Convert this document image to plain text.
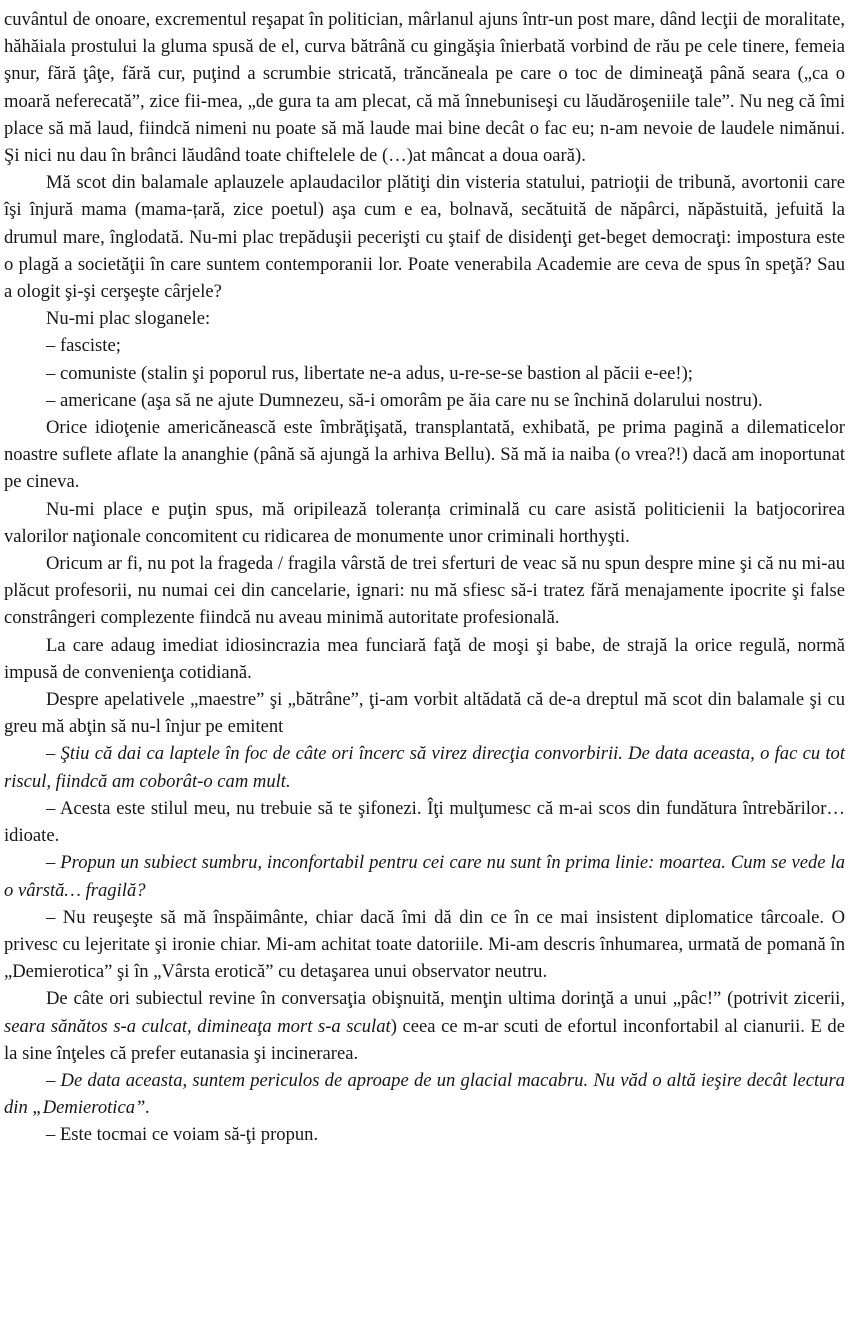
cuvântul de onoare, excrementul reşapat în politician, mârlanul ajuns într-un post mare, dând lecţii de moralitate, hăhăiala prostului la gluma spusă de el, curva bătrână cu gingăşia înierbată vorbind de rău pe cele tinere, femeia şnur, fără ţâţe, fără cur, puţind a scrumbie stricată, trăncăneala pe care o toc de dimineaţă până seara („ca o moară neferecată”, zice fii-mea, „de gura ta am plecat, că mă înnebuniseşi cu lăudăroşeniile tale”. Nu neg că îmi place să mă laud, fiindcă nimeni nu poate să mă laude mai bine decât o fac eu; n-am nevoie de laudele nimănui. Şi nici nu dau în brânci lăudând toate chiftelele de (…)at mâncat a doua oară).

Mă scot din balamale aplauzele aplaudacilor plătiţi din visteria statului, patrioţii de tribună, avortonii care îşi înjură mama (mama-țară, zice poetul) aşa cum e ea, bolnavă, secătuită de năpârci, năpăstuită, jefuită la drumul mare, înglodată. Nu-mi plac trepăduşii pecerişti cu ştaif de disidenţi get-beget democraţi: impostura este o plagă a societăţii în care suntem contemporanii lor. Poate venerabila Academie are ceva de spus în speţă? Sau a ologit şi-şi cerşeşte cârjele?

Nu-mi plac sloganele:

– fasciste;

– comuniste (stalin şi poporul rus, libertate ne-a adus, u-re-se-se bastion al păcii e-ee!);

– americane (aşa să ne ajute Dumnezeu, să-i omorâm pe ăia care nu se închină dolarului nostru).

Orice idioţenie americănească este îmbrăţişată, transplantată, exhibată, pe prima pagină a dilematicelor noastre suflete aflate la ananghie (până să ajungă la arhiva Bellu). Să mă ia naiba (o vrea?!) dacă am inoportunat pe cineva.

Nu-mi place e puţin spus, mă oripilează toleranța criminală cu care asistă politicienii la batjocorirea valorilor naţionale concomitent cu ridicarea de monumente unor criminali horthyşti.

Oricum ar fi, nu pot la frageda / fragila vârstă de trei sferturi de veac să nu spun despre mine şi că nu mi-au plăcut profesorii, nu numai cei din cancelarie, ignari: nu mă sfiesc să-i tratez fără menajamente ipocrite şi false constrângeri complezente fiindcă nu aveau minimă autoritate profesională.

La care adaug imediat idiosincrazia mea funciară faţă de moşi şi babe, de strajă la orice regulă, normă impusă de convenienţa cotidiană.

Despre apelativele „maestre” şi „bătrâne”, ţi-am vorbit altădată că de-a dreptul mă scot din balamale şi cu greu mă abţin să nu-l înjur pe emitent

– Ştiu că dai ca laptele în foc de câte ori încerc să virez direcţia convorbirii. De data aceasta, o fac cu tot riscul, fiindcă am coborât-o cam mult.

– Acesta este stilul meu, nu trebuie să te şifonezi. Îţi mulţumesc că m-ai scos din fundătura întrebărilor… idioate.

– Propun un subiect sumbru, inconfortabil pentru cei care nu sunt în prima linie: moartea. Cum se vede la o vârstă… fragilă?

– Nu reuşeşte să mă înspăimânte, chiar dacă îmi dă din ce în ce mai insistent diplomatice târcoale. O privesc cu lejeritate şi ironie chiar. Mi-am achitat toate datoriile. Mi-am descris înhumarea, urmată de pomană în „Demierotica” şi în „Vârsta erotică” cu detaşarea unui observator neutru.

De câte ori subiectul revine în conversaţia obişnuită, menţin ultima dorinţă a unui „pâc!” (potrivit zicerii, seara sănătos s-a culcat, dimineaţa mort s-a sculat) ceea ce m-ar scuti de efortul inconfortabil al cianurii. E de la sine înţeles că prefer eutanasia şi incinerarea.

– De data aceasta, suntem periculos de aproape de un glacial macabru. Nu văd o altă ieşire decât lectura din „Demierotica”.

– Este tocmai ce voiam să-ţi propun.
